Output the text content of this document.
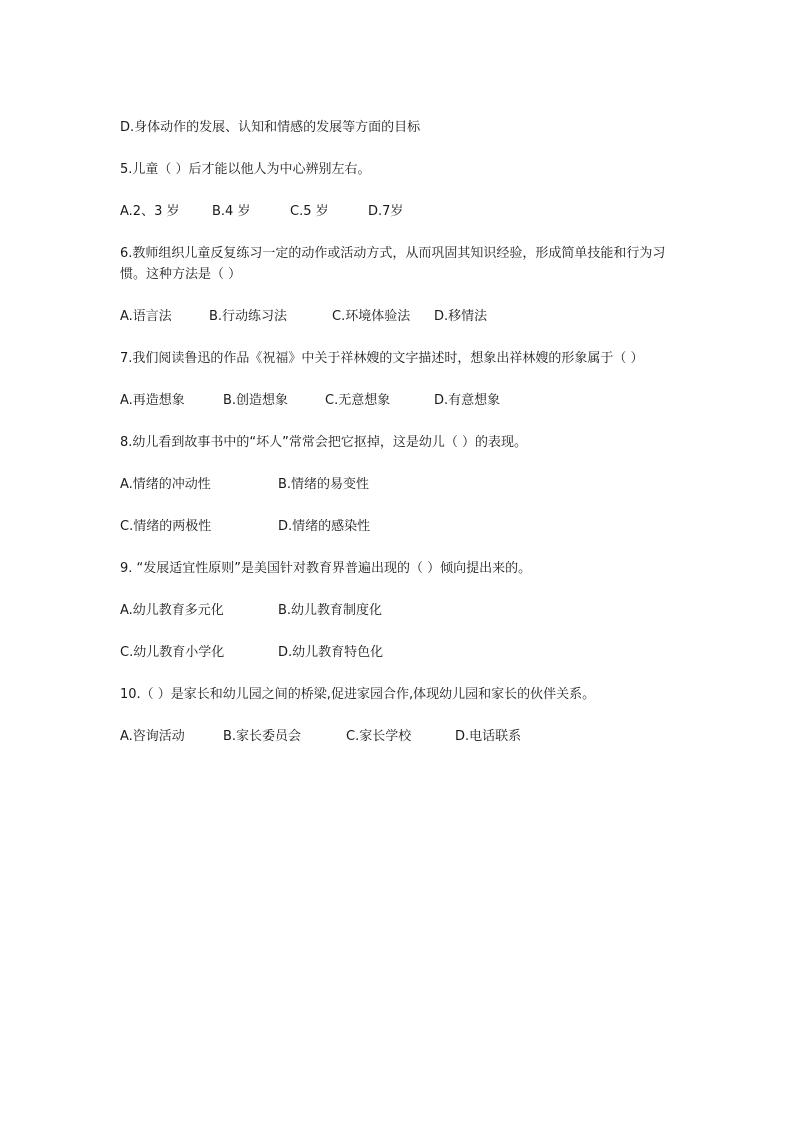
D.身体动作的发展、认知和情感的发展等方面的目标

5.儿童（ ）后才能以他人为中心辨别左右。

A.2、3 岁	B.4 岁	C.5 岁	D.7岁

6.教师组织儿童反复练习一定的动作或活动方式，从而巩固其知识经验，形成简单技能和行为习惯。这种方法是（ ）

A.语言法	B.行动练习法	C.环境体验法	D.移情法

7.我们阅读鲁迅的作品《祝福》中关于祥林嫂的文字描述时，想象出祥林嫂的形象属于（ ）

A.再造想象	B.创造想象	C.无意想象	D.有意想象

8.幼儿看到故事书中的“坏人”常常会把它抠掉，这是幼儿（ ）的表现。

A.情绪的冲动性	B.情绪的易变性
C.情绪的两极性	D.情绪的感染性

9. “发展适宜性原则”是美国针对教育界普遍出现的（ ）倾向提出来的。

A.幼儿教育多元化	B.幼儿教育制度化
C.幼儿教育小学化	D.幼儿教育特色化

10.（ ）是家长和幼儿园之间的桥梁,促进家园合作,体现幼儿园和家长的伙伴关系。

A.咨询活动	B.家长委员会	C.家长学校	D.电话联系
